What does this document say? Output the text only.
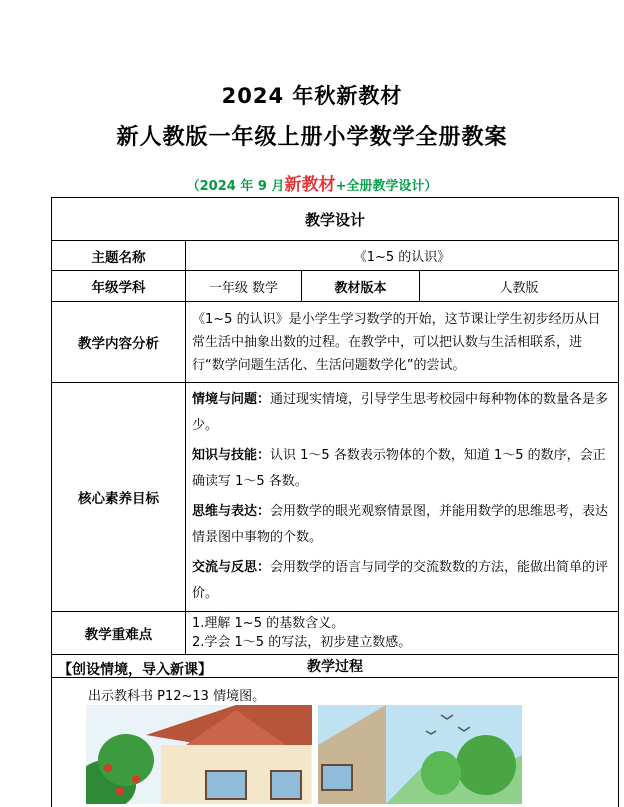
2024 年秋新教材
新人教版一年级上册小学数学全册教案
（2024 年 9 月新教材+全册教学设计）
教学设计			
主题名称	《1~5 的认识》		
年级学科	一年级 数学	教材版本	人教版
教学内容分析	《1~5 的认识》是小学生学习数学的开始，这节课让学生初步经历从日常生活中抽象出数的过程。在教学中，可以把认数与生活相联系，进行“数学问题生活化、生活问题数学化”的尝试。		
核心素养目标	情境与问题：通过现实情境，引导学生思考校园中每种物体的数量各是多少。

知识与技能：认识 1～5 各数表示物体的个数，知道 1～5 的数序，会正确读写 1～5 各数。

思维与表达：会用数学的眼光观察情景图，并能用数学的思维思考，表达情景图中事物的个数。

交流与反思：会用数学的语言与同学的交流数数的方法，能做出简单的评价。		

教学重难点	1.理解 1~5 的基数含义。
2.学会 1～5 的写法，初步建立数感。		

教学过程			
【创设情境，导入新课】
出示教科书 P12~13 情境图。
